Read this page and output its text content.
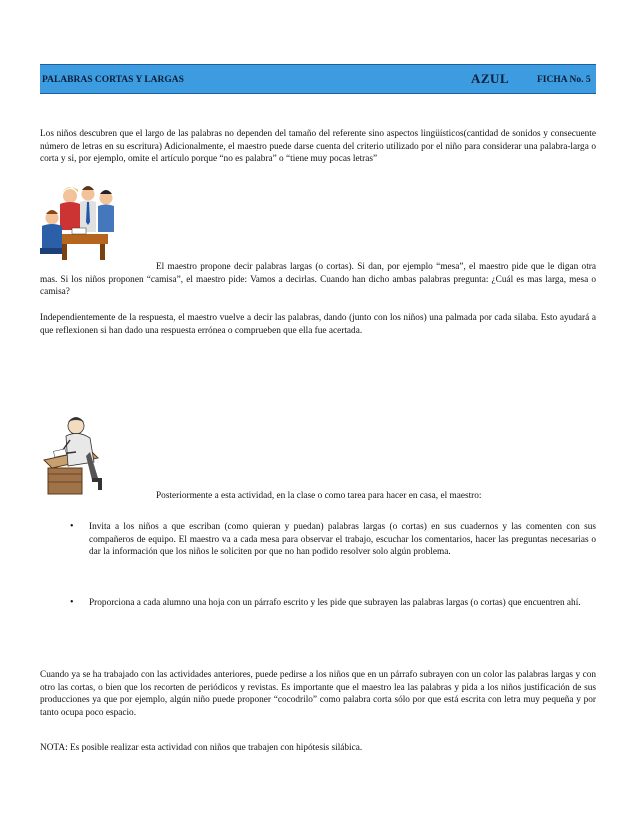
PALABRAS CORTAS Y LARGAS	AZUL	FICHA No. 5

Los niños descubren que el largo de las palabras no dependen del tamaño del referente sino aspectos lingüísticos(cantidad de sonidos y consecuente número de letras en su escritura) Adicionalmente, el maestro puede darse cuenta del criterio utilizado por el niño para considerar una palabra-larga o corta y si, por ejemplo, omite el artículo porque “no es palabra” o “tiene muy pocas letras”

El maestro propone decir palabras largas (o cortas). Si dan, por ejemplo “mesa”, el maestro pide que le digan otra mas. Si los niños proponen “camisa”, el maestro pide: Vamos a decirlas. Cuando han dicho ambas palabras pregunta: ¿Cuál es mas larga, mesa o camisa?

Independientemente de la respuesta, el maestro vuelve a decir las palabras, dando (junto con los niños) una palmada por cada silaba. Esto ayudará a que reflexionen si han dado una respuesta errónea o comprueben que ella fue acertada.

Posteriormente a esta actividad, en la clase o como tarea para hacer en casa, el maestro:

• Invita a los niños a que escriban (como quieran y puedan) palabras largas (o cortas) en sus cuadernos y las comenten con sus compañeros de equipo. El maestro va a cada mesa para observar el trabajo, escuchar los comentarios, hacer las preguntas necesarias o dar la información que los niños le soliciten por que no han podido resolver solo algún problema.
• Proporciona a cada alumno una hoja con un párrafo escrito y les pide que subrayen las palabras largas (o cortas) que encuentren ahí.

Cuando ya se ha trabajado con las actividades anteriores, puede pedirse a los niños que en un párrafo subrayen con un color las palabras largas y con otro las cortas, o bien que los recorten de periódicos y revistas. Es importante que el maestro lea las palabras y pida a los niños justificación de sus producciones ya que por ejemplo, algún niño puede proponer “cocodrilo” como palabra corta sólo por que está escrita con letra muy pequeña y por tanto ocupa poco espacio.

NOTA: Es posible realizar esta actividad con niños que trabajen con hipótesis silábica.
